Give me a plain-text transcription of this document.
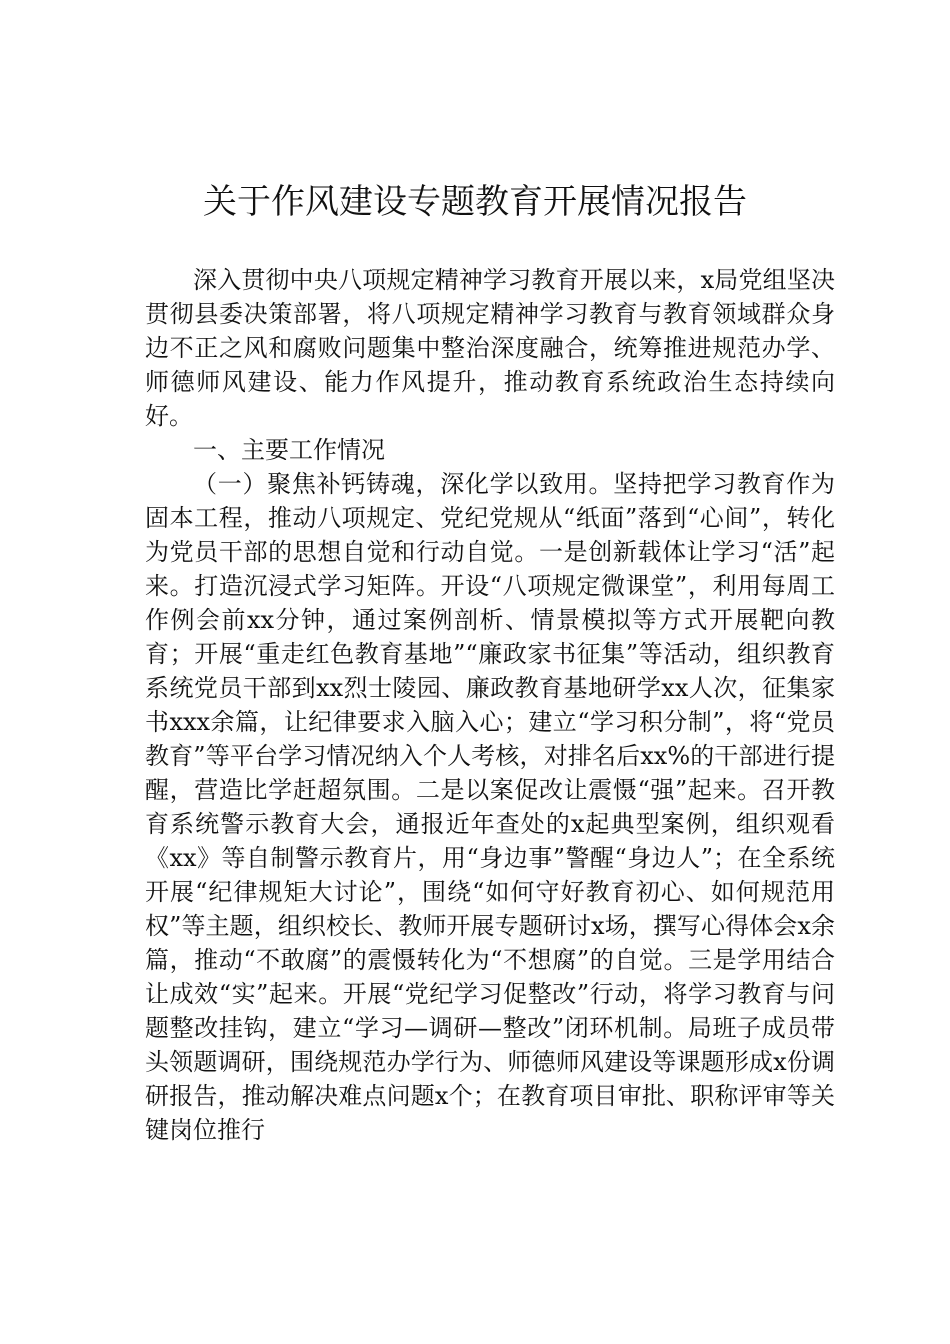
关于作风建设专题教育开展情况报告

深入贯彻中央八项规定精神学习教育开展以来，x局党组坚决贯彻县委决策部署，将八项规定精神学习教育与教育领域群众身边不正之风和腐败问题集中整治深度融合，统筹推进规范办学、师德师风建设、能力作风提升，推动教育系统政治生态持续向好。

一、主要工作情况

（一）聚焦补钙铸魂，深化学以致用。坚持把学习教育作为固本工程，推动八项规定、党纪党规从“纸面”落到“心间”，转化为党员干部的思想自觉和行动自觉。一是创新载体让学习“活”起来。打造沉浸式学习矩阵。开设“八项规定微课堂”，利用每周工作例会前xx分钟，通过案例剖析、情景模拟等方式开展靶向教育；开展“重走红色教育基地”“廉政家书征集”等活动，组织教育系统党员干部到xx烈士陵园、廉政教育基地研学xx人次，征集家书xxx余篇，让纪律要求入脑入心；建立“学习积分制”，将“党员教育”等平台学习情况纳入个人考核，对排名后xx%的干部进行提醒，营造比学赶超氛围。二是以案促改让震慑“强”起来。召开教育系统警示教育大会，通报近年查处的x起典型案例，组织观看《xx》等自制警示教育片，用“身边事”警醒“身边人”；在全系统开展“纪律规矩大讨论”，围绕“如何守好教育初心、如何规范用权”等主题，组织校长、教师开展专题研讨x场，撰写心得体会x余篇，推动“不敢腐”的震慑转化为“不想腐”的自觉。三是学用结合让成效“实”起来。开展“党纪学习促整改”行动，将学习教育与问题整改挂钩，建立“学习—调研—整改”闭环机制。局班子成员带头领题调研，围绕规范办学行为、师德师风建设等课题形成x份调研报告，推动解决难点问题x个；在教育项目审批、职称评审等关键岗位推行
